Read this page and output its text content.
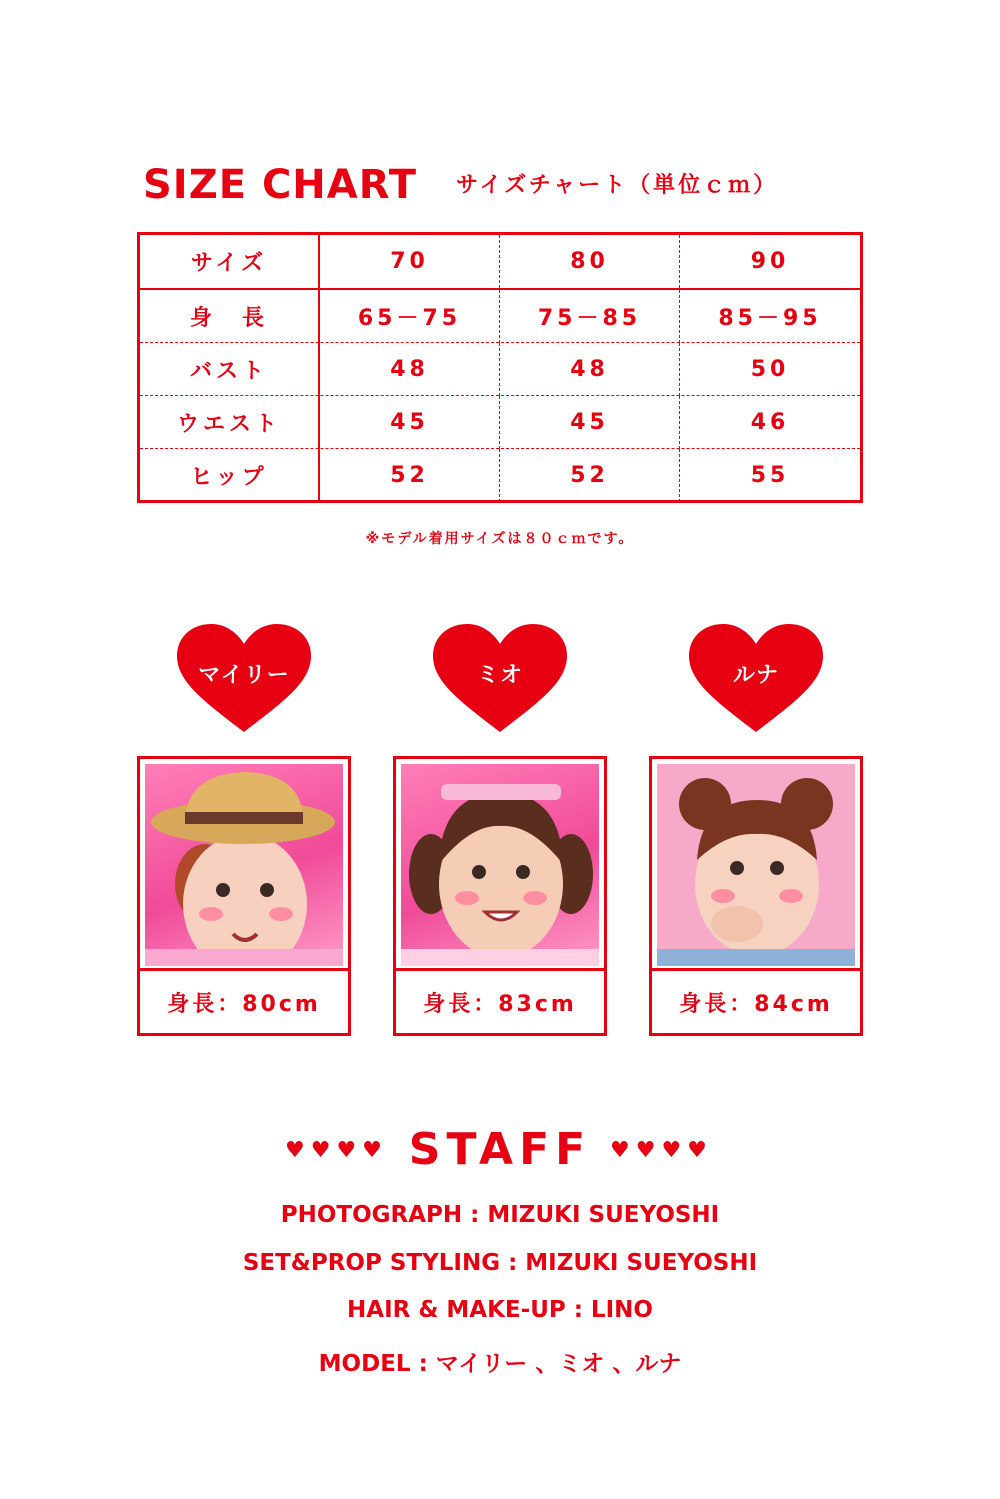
SIZE CHART サイズチャート（単位ｃｍ）
サイズ	70	80	90
身　長	65－75	75－85	85－95
バスト	48	48	50
ウエスト	45	45	46
ヒップ	52	52	55
※モデル着用サイズは８０ｃｍです。
マイリー
身長：80cm
ミオ
身長：83cm
ルナ
身長：84cm
♥♥♥♥ STAFF ♥♥♥♥
PHOTOGRAPH : MIZUKI SUEYOSHI
SET&PROP STYLING : MIZUKI SUEYOSHI
HAIR & MAKE-UP : LINO
MODEL : マイリー 、ミオ 、ルナ
